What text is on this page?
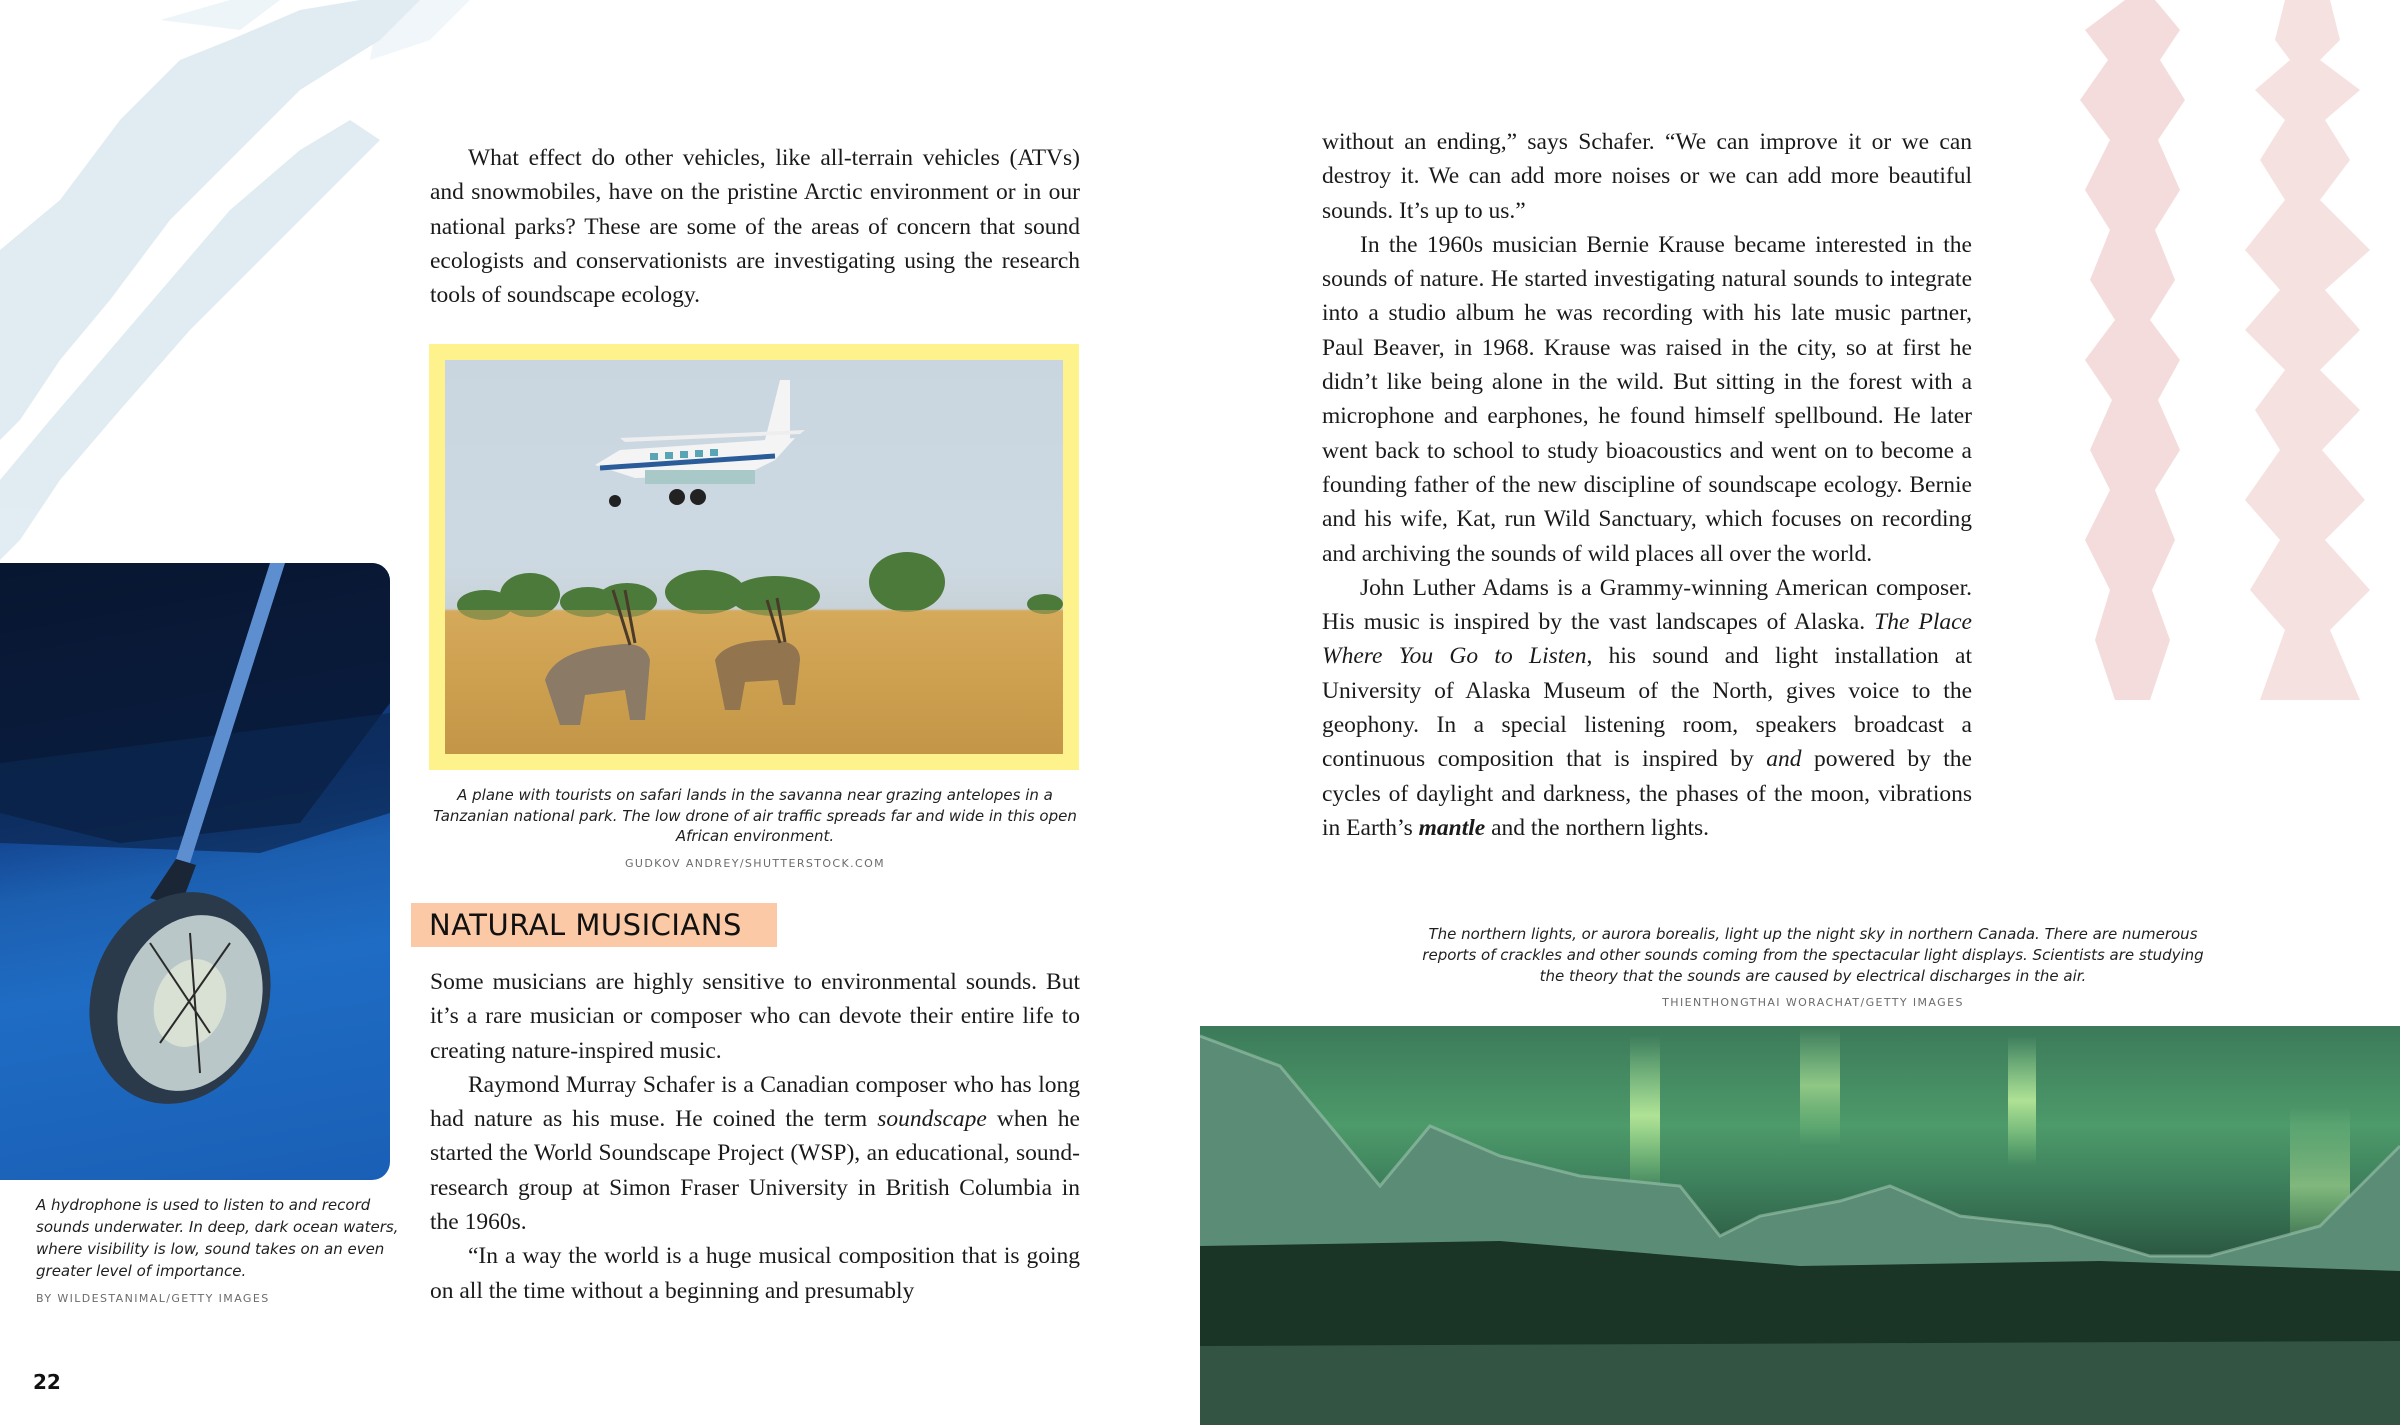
What effect do other vehicles, like all-terrain vehicles (ATVs) and snowmobiles, have on the pristine Arctic environment or in our national parks? These are some of the areas of concern that sound ecologists and conservationists are investigating using the research tools of soundscape ecology.

A plane with tourists on safari lands in the savanna near grazing antelopes in a Tanzanian national park. The low drone of air traffic spreads far and wide in this open African environment.
GUDKOV ANDREY/SHUTTERSTOCK.COM
NATURAL MUSICIANS

Some musicians are highly sensitive to environmental sounds. But it’s a rare musician or composer who can devote their entire life to creating nature-inspired music.

Raymond Murray Schafer is a Canadian composer who has long had nature as his muse. He coined the term soundscape when he started the World Soundscape Project (WSP), an educational, sound-research group at Simon Fraser University in British Columbia in the 1960s.

“In a way the world is a huge musical composition that is going on all the time without a beginning and presumably

A hydrophone is used to listen to and record sounds underwater. In deep, dark ocean waters, where visibility is low, sound takes on an even greater level of importance.
BY WILDESTANIMAL/GETTY IMAGES

without an ending,” says Schafer. “We can improve it or we can destroy it. We can add more noises or we can add more beautiful sounds. It’s up to us.”

In the 1960s musician Bernie Krause became interested in the sounds of nature. He started investigating natural sounds to integrate into a studio album he was recording with his late music partner, Paul Beaver, in 1968. Krause was raised in the city, so at first he didn’t like being alone in the wild. But sitting in the forest with a microphone and earphones, he found himself spellbound. He later went back to school to study bioacoustics and went on to become a founding father of the new discipline of soundscape ecology. Bernie and his wife, Kat, run Wild Sanctuary, which focuses on recording and archiving the sounds of wild places all over the world.

John Luther Adams is a Grammy-winning American composer. His music is inspired by the vast landscapes of Alaska. The Place Where You Go to Listen, his sound and light installation at University of Alaska Museum of the North, gives voice to the geophony. In a special listening room, speakers broadcast a continuous composition that is inspired by and powered by the cycles of daylight and darkness, the phases of the moon, vibrations in Earth’s mantle and the northern lights.

The northern lights, or aurora borealis, light up the night sky in northern Canada. There are numerous reports of crackles and other sounds coming from the spectacular light displays. Scientists are studying the theory that the sounds are caused by electrical discharges in the air.
THIENTHONGTHAI WORACHAT/GETTY IMAGES
22
